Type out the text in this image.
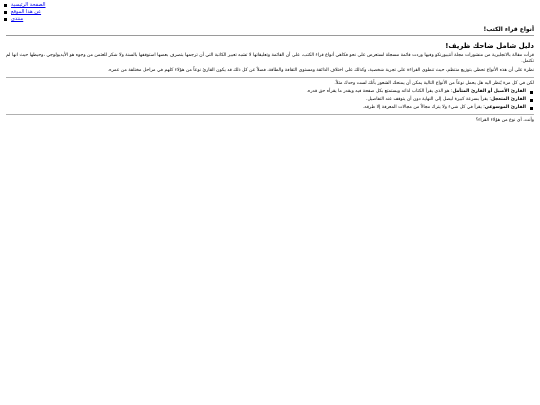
الصفحة الرئيسية
عن هذا الموقع
منتدى
أنواع قراء الكتب!
دليل شامل ضاحك ظريف!

قرأت مقالة بالانجليزية من منشورات مجلة أنتيبورنكو وفيها وردت قائمة مسجلة لستعرض على نحو فكاهي أنواع قراء الكتب، على أن القائمة وتعليقاتها لا تشبه تعبير الكاتبة التي أن ترجمها بتصرف بعضها استوقفها بالسنة ولا شكر للعثمن من وجوه هو الأيديولوجي ،وحيطها حيث انها لم تكتمل.

نظرة على أن هذه الأنواع تحظى بتوزيع منتظم، حيث تنطوي القراءة على تجربة شخصية، وكذلك على اختلاف الذائقة ومستوى الثقافة والطاقة، فضلاً عن كل ذلك قد يكون القارئ نوعاً من هؤلاء كلهم في مراحل مختلفة من عمره.

لكن في كل مرة يُنظر اليه هل يحمل نوعاً من الأنواع التالية يمكن أن يمنحك الشعور بأنك لست وحدك مثلاً.
القارئ الأصيل أو القارئ المتأمل: هو الذي يقرأ الكتاب لذاته ويستمتع بكل صفحة فيه ويقدر ما يقرأه حق قدره.
القارئ المتعجل: يقرأ بسرعة كبيرة ليصل إلى النهاية دون أن يتوقف عند التفاصيل.
القارئ الموسوعي: يقرأ في كل شيء ولا يترك مجالاً من مجالات المعرفة إلا طرقه.

وأنت، أي نوع من هؤلاء القراء؟
